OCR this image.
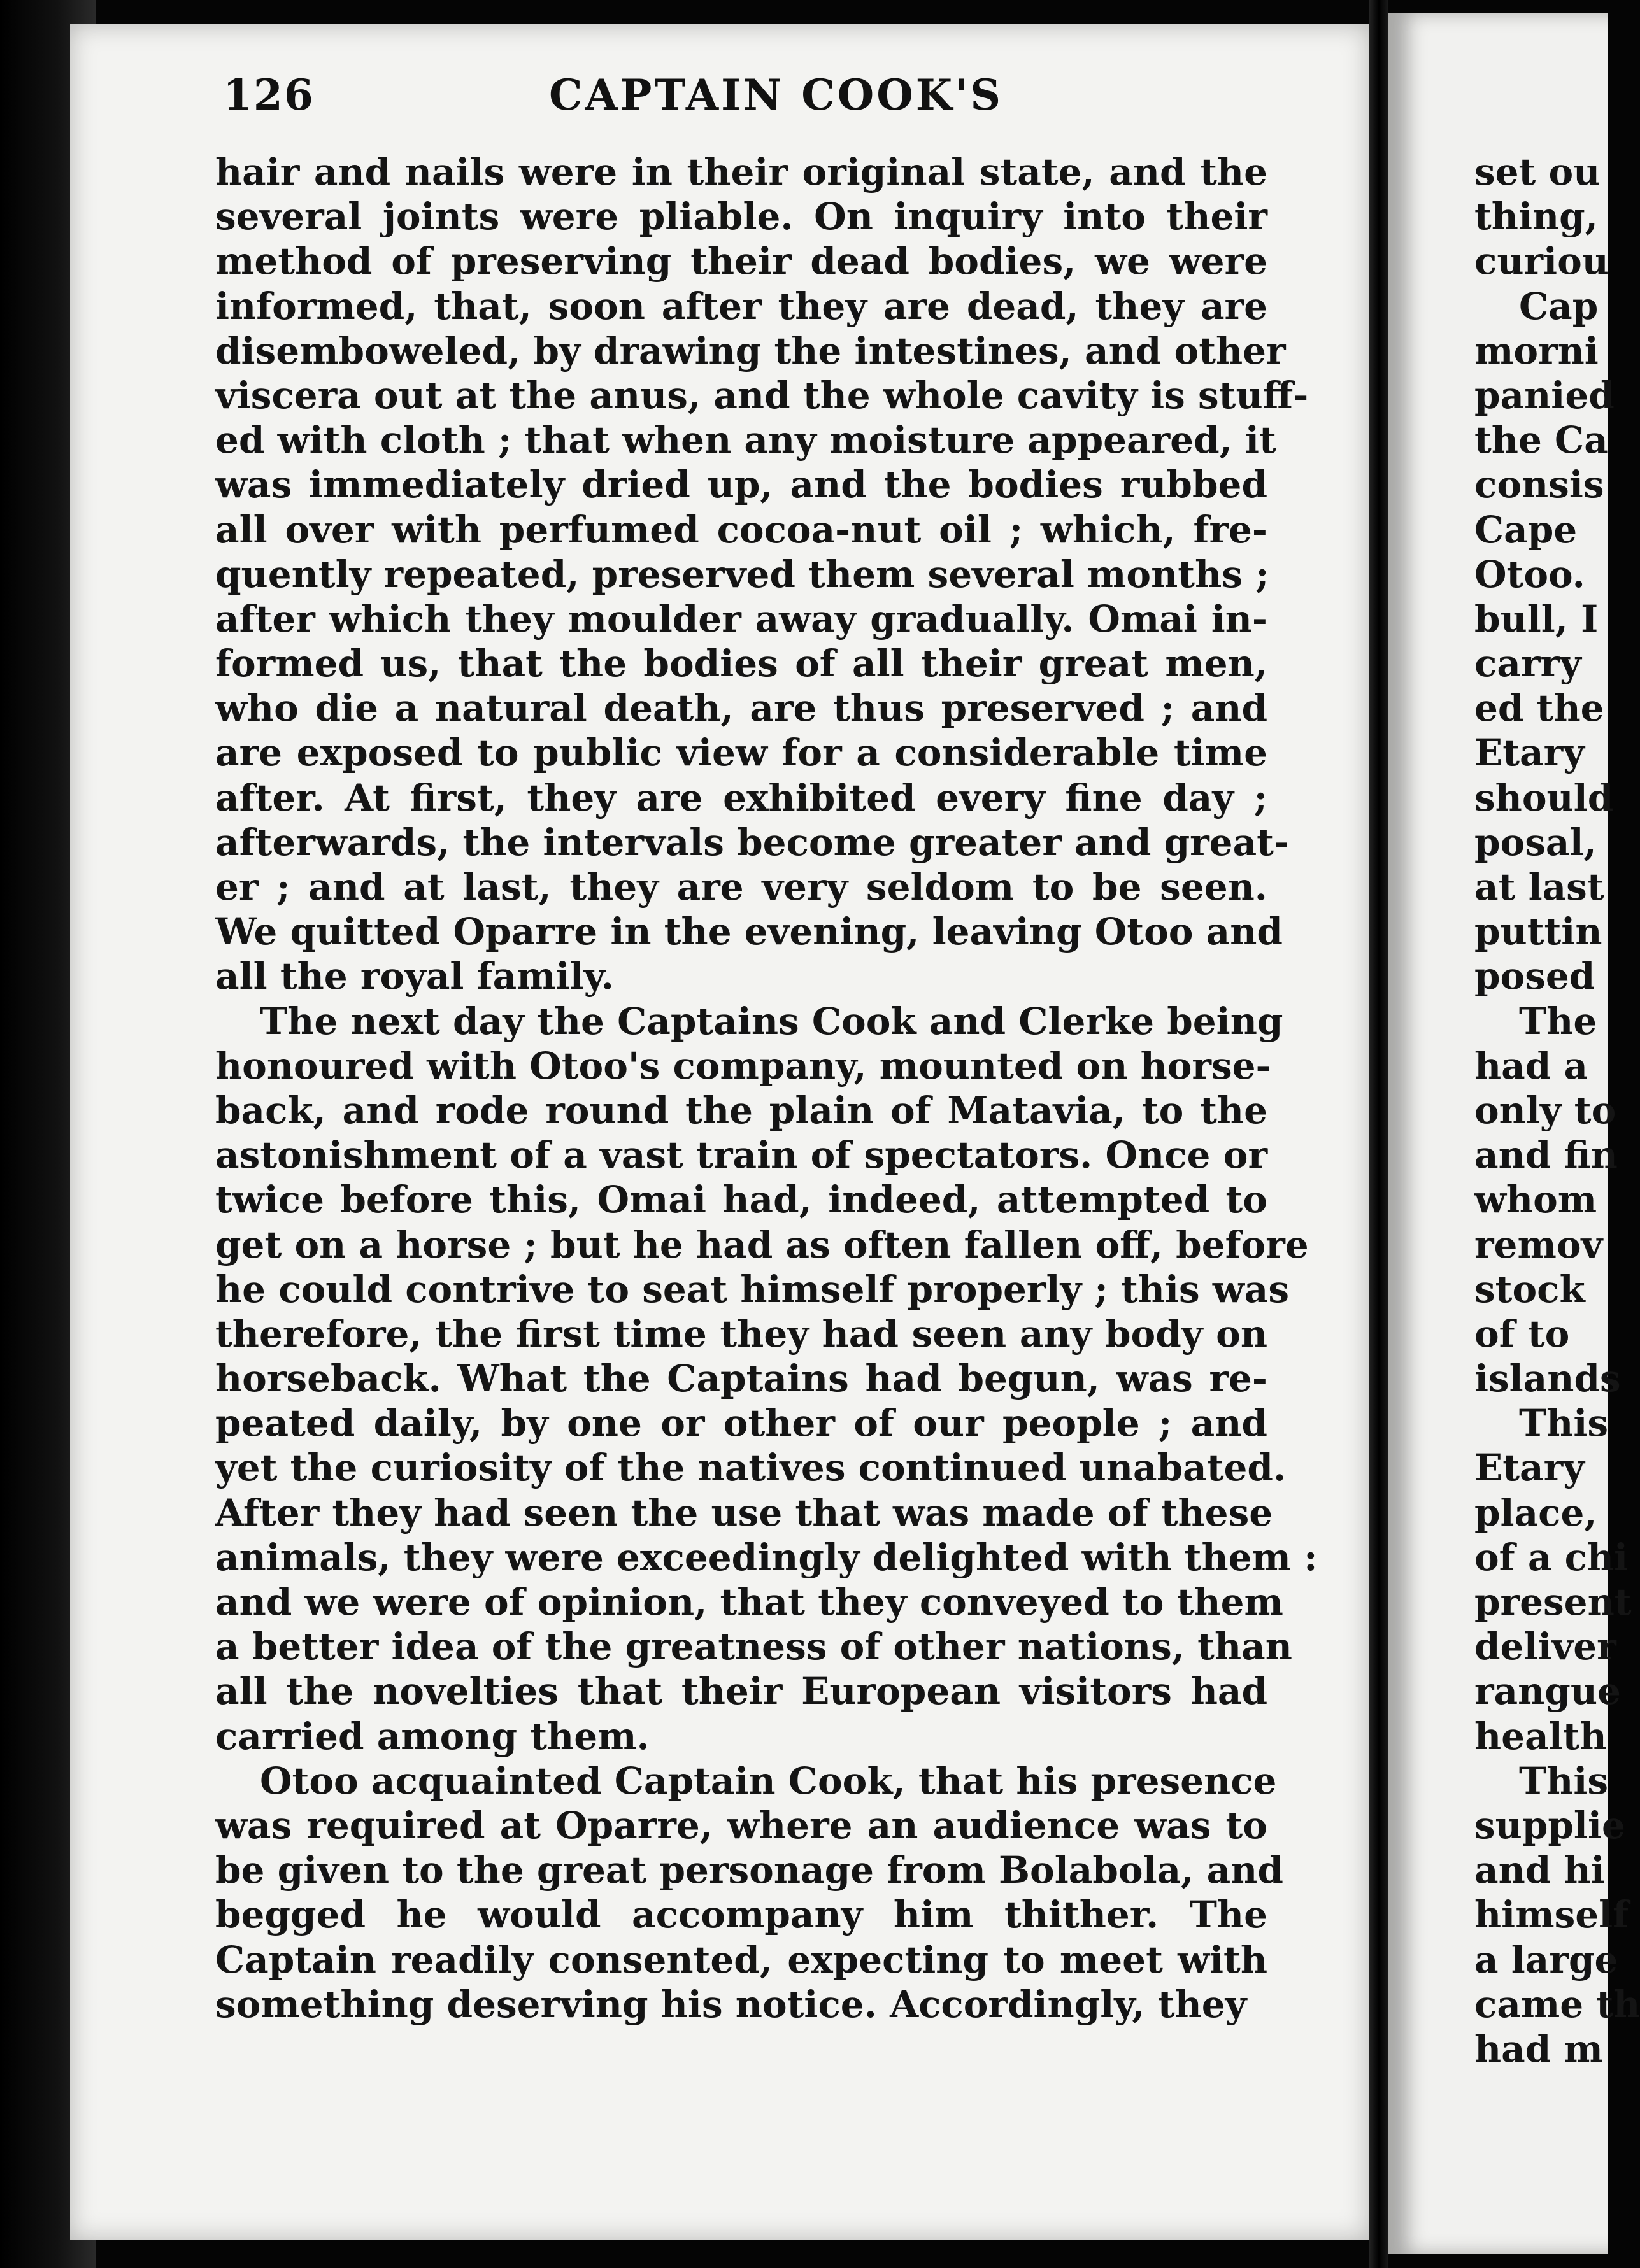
126	CAPTAIN COOK'S
hair and nails were in their original state, and the
several joints were pliable. On inquiry into their
method of preserving their dead bodies, we were
informed, that, soon after they are dead, they are
disemboweled, by drawing the intestines, and other
viscera out at the anus, and the whole cavity is stuff-
ed with cloth ; that when any moisture appeared, it
was immediately dried up, and the bodies rubbed
all over with perfumed cocoa-nut oil ; which, fre-
quently repeated, preserved them several months ;
after which they moulder away gradually. Omai in-
formed us, that the bodies of all their great men,
who die a natural death, are thus preserved ; and
are exposed to public view for a considerable time
after. At first, they are exhibited every fine day ;
afterwards, the intervals become greater and great-
er ; and at last, they are very seldom to be seen.
We quitted Oparre in the evening, leaving Otoo and
all the royal family.
The next day the Captains Cook and Clerke being
honoured with Otoo's company, mounted on horse-
back, and rode round the plain of Matavia, to the
astonishment of a vast train of spectators. Once or
twice before this, Omai had, indeed, attempted to
get on a horse ; but he had as often fallen off, before
he could contrive to seat himself properly ; this was
therefore, the first time they had seen any body on
horseback. What the Captains had begun, was re-
peated daily, by one or other of our people ; and
yet the curiosity of the natives continued unabated.
After they had seen the use that was made of these
animals, they were exceedingly delighted with them :
and we were of opinion, that they conveyed to them
a better idea of the greatness of other nations, than
all the novelties that their European visitors had
carried among them.
Otoo acquainted Captain Cook, that his presence
was required at Oparre, where an audience was to
be given to the great personage from Bolabola, and
begged he would accompany him thither. The
Captain readily consented, expecting to meet with
something deserving his notice. Accordingly, they
set ou
thing,
curiou
Cap
morni
panied
the Ca
consis
Cape
Otoo.
bull, I
carry
ed the
Etary
should
posal,
at last
puttin
posed
The
had a
only to
and fin
whom
remov
stock
of to
islands
This
Etary
place,
of a chi
present
deliver
rangue
health
This
supplie
and hi
himself
a large
came th
had m
